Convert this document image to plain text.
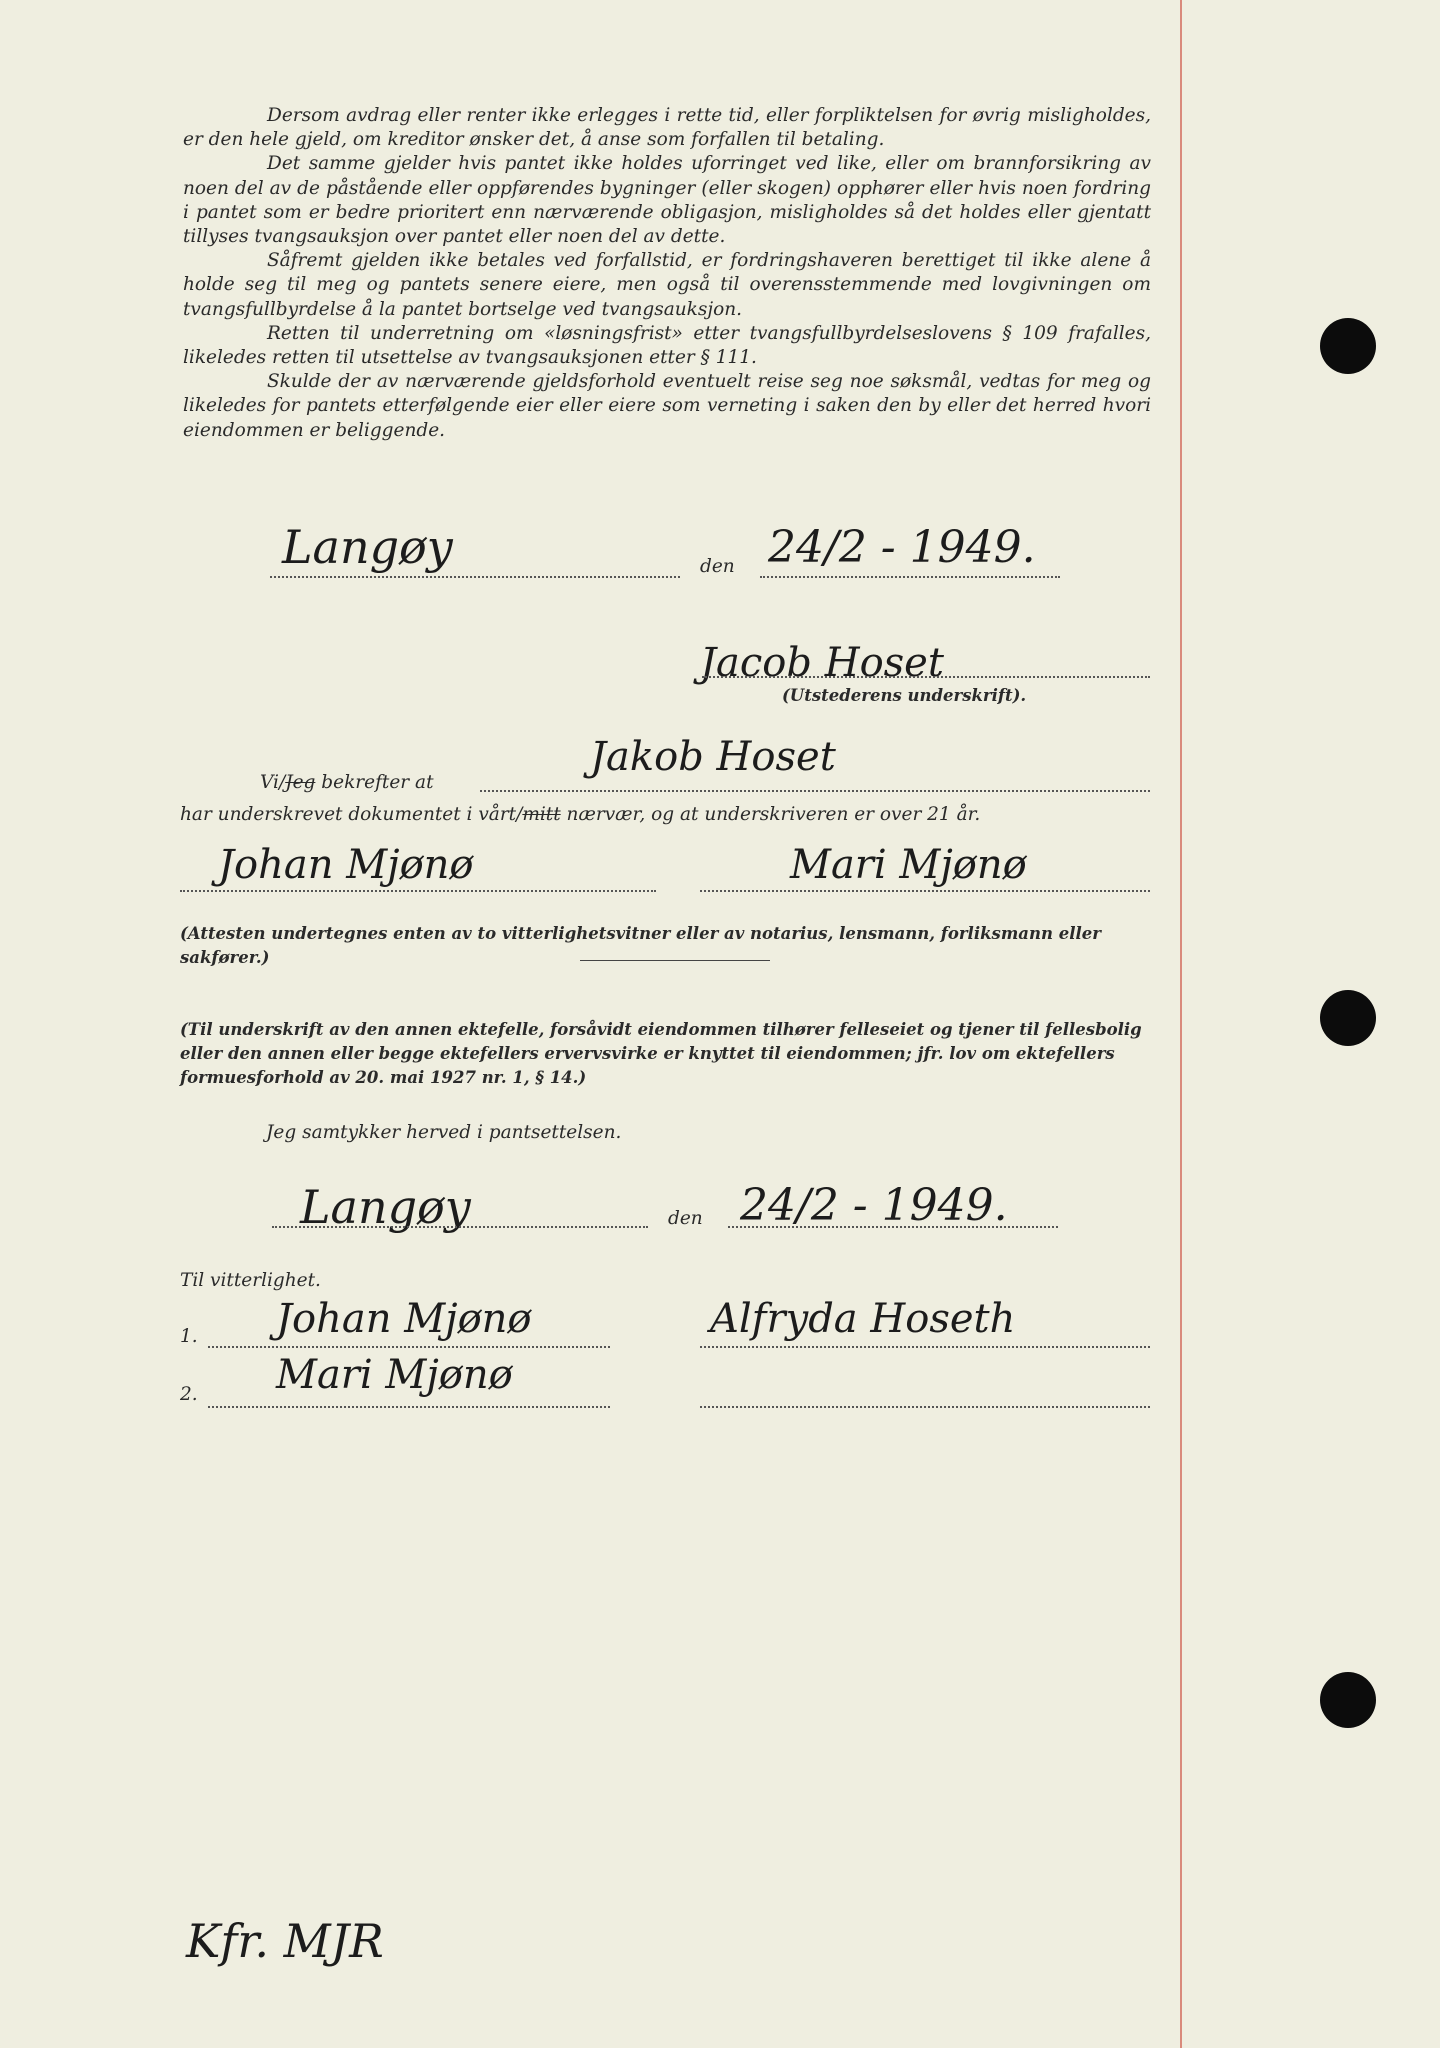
Dersom avdrag eller renter ikke erlegges i rette tid, eller forpliktelsen for øvrig misligholdes, er den hele gjeld, om kreditor ønsker det, å anse som forfallen til betaling.

Det samme gjelder hvis pantet ikke holdes uforringet ved like, eller om brannforsikring av noen del av de påstående eller oppførendes bygninger (eller skogen) opphører eller hvis noen fordring i pantet som er bedre prioritert enn nærværende obligasjon, misligholdes så det holdes eller gjentatt tillyses tvangsauksjon over pantet eller noen del av dette.

Såfremt gjelden ikke betales ved forfallstid, er fordringshaveren berettiget til ikke alene å holde seg til meg og pantets senere eiere, men også til overensstemmende med lovgivningen om tvangsfullbyrdelse å la pantet bortselge ved tvangsauksjon.

Retten til underretning om «løsningsfrist» etter tvangsfullbyrdelseslovens § 109 frafalles, likeledes retten til utsettelse av tvangsauksjonen etter § 111.

Skulde der av nærværende gjeldsforhold eventuelt reise seg noe søksmål, vedtas for meg og likeledes for pantets etterfølgende eier eller eiere som verneting i saken den by eller det herred hvori eiendommen er beliggende.

Langøy	den 24/2 - 1949.
Jacob Hoset
(Utstederens underskrift).
Vi/Jeg bekrefter at
Jakob Hoset
har underskrevet dokumentet i vårt/mitt nærvær, og at underskriveren er over 21 år.
Johan Mjønø	Mari Mjønø
(Attesten undertegnes enten av to vitterlighetsvitner eller av notarius, lensmann, forliksmann eller sakfører.)
(Til underskrift av den annen ektefelle, forsåvidt eiendommen tilhører felleseiet og tjener til fellesbolig eller den annen eller begge ektefellers ervervsvirke er knyttet til eiendommen; jfr. lov om ektefellers formuesforhold av 20. mai 1927 nr. 1, § 14.)
Jeg samtykker herved i pantsettelsen.
Langøy	den 24/2 - 1949.
Til vitterlighet.
1. Johan Mjønø	Alfryda Hoseth
2. Mari Mjønø
Kfr. MJR
